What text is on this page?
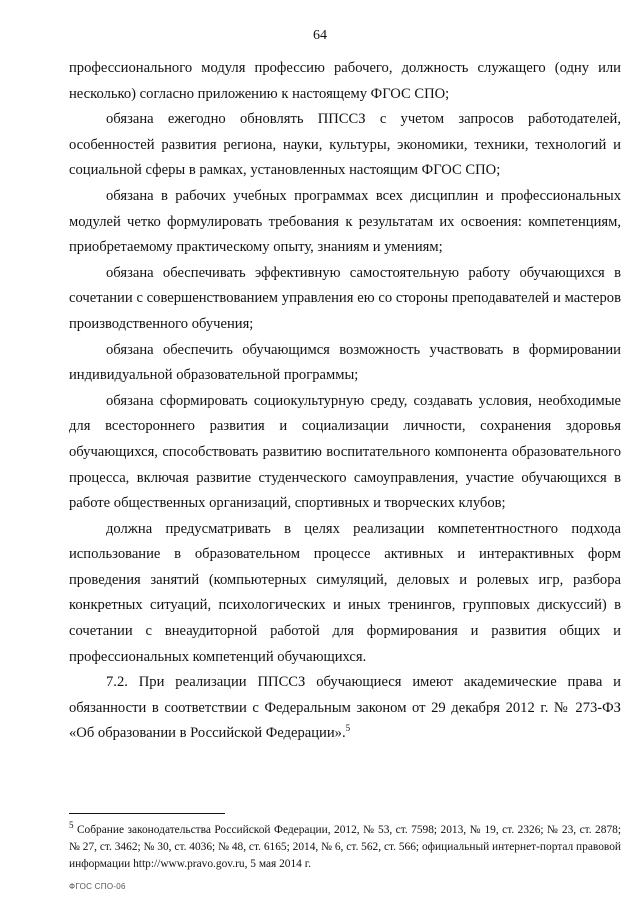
64

профессионального модуля профессию рабочего, должность служащего (одну или несколько) согласно приложению к настоящему ФГОС СПО;

обязана ежегодно обновлять ППССЗ с учетом запросов работодателей, особенностей развития региона, науки, культуры, экономики, техники, технологий и социальной сферы в рамках, установленных настоящим ФГОС СПО;

обязана в рабочих учебных программах всех дисциплин и профессиональных модулей четко формулировать требования к результатам их освоения: компетенциям, приобретаемому практическому опыту, знаниям и умениям;

обязана обеспечивать эффективную самостоятельную работу обучающихся в сочетании с совершенствованием управления ею со стороны преподавателей и мастеров производственного обучения;

обязана обеспечить обучающимся возможность участвовать в формировании индивидуальной образовательной программы;

обязана сформировать социокультурную среду, создавать условия, необходимые для всестороннего развития и социализации личности, сохранения здоровья обучающихся, способствовать развитию воспитательного компонента образовательного процесса, включая развитие студенческого самоуправления, участие обучающихся в работе общественных организаций, спортивных и творческих клубов;

должна предусматривать в целях реализации компетентностного подхода использование в образовательном процессе активных и интерактивных форм проведения занятий (компьютерных симуляций, деловых и ролевых игр, разбора конкретных ситуаций, психологических и иных тренингов, групповых дискуссий) в сочетании с внеаудиторной работой для формирования и развития общих и профессиональных компетенций обучающихся.

7.2. При реализации ППССЗ обучающиеся имеют академические права и обязанности в соответствии с Федеральным законом от 29 декабря 2012 г. № 273-ФЗ «Об образовании в Российской Федерации».$^5$

$^5$ Собрание законодательства Российской Федерации, 2012, № 53, ст. 7598; 2013, № 19, ст. 2326; № 23, ст. 2878; № 27, ст. 3462; № 30, ст. 4036; № 48, ст. 6165; 2014, № 6, ст. 562, ст. 566; официальный интернет-портал правовой информации http://www.pravo.gov.ru, 5 мая 2014 г.
ФГОС СПО-06
